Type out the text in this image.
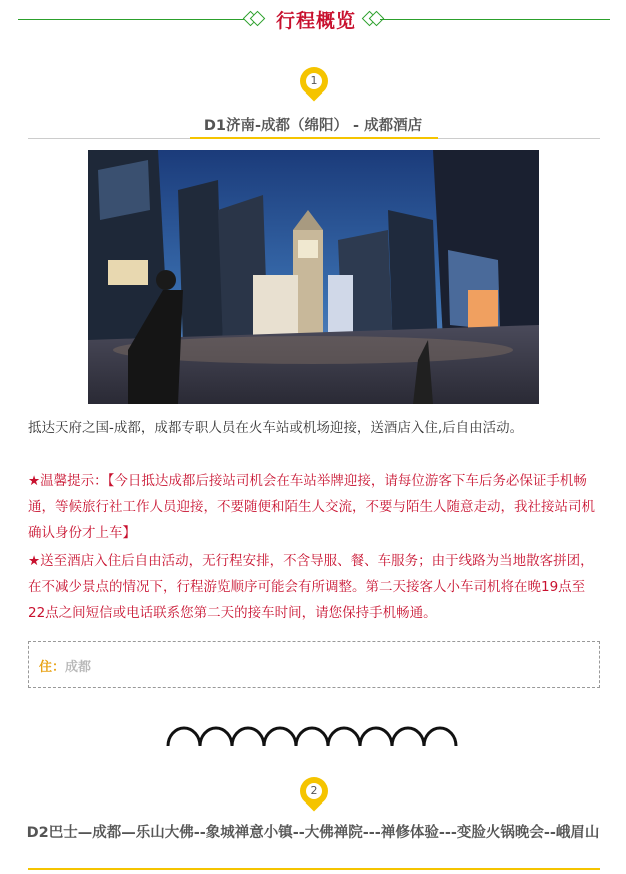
行程概览
1
D1济南-成都（绵阳） - 成都酒店

抵达天府之国-成都，成都专职人员在火车站或机场迎接，送酒店入住,后自由活动。

★温馨提示：【今日抵达成都后接站司机会在车站举牌迎接，请每位游客下车后务必保证手机畅通，等候旅行社工作人员迎接，不要随便和陌生人交流，不要与陌生人随意走动，我社接站司机确认身份才上车】

★送至酒店入住后自由活动，无行程安排，不含导服、餐、车服务；由于线路为当地散客拼团，在不减少景点的情况下，行程游览顺序可能会有所调整。第二天接客人小车司机将在晚19点至22点之间短信或电话联系您第二天的接车时间，请您保持手机畅通。

住：成都
2
D2巴士—成都—乐山大佛--象城禅意小镇--大佛禅院---禅修体验---变脸火锅晚会--峨眉山
